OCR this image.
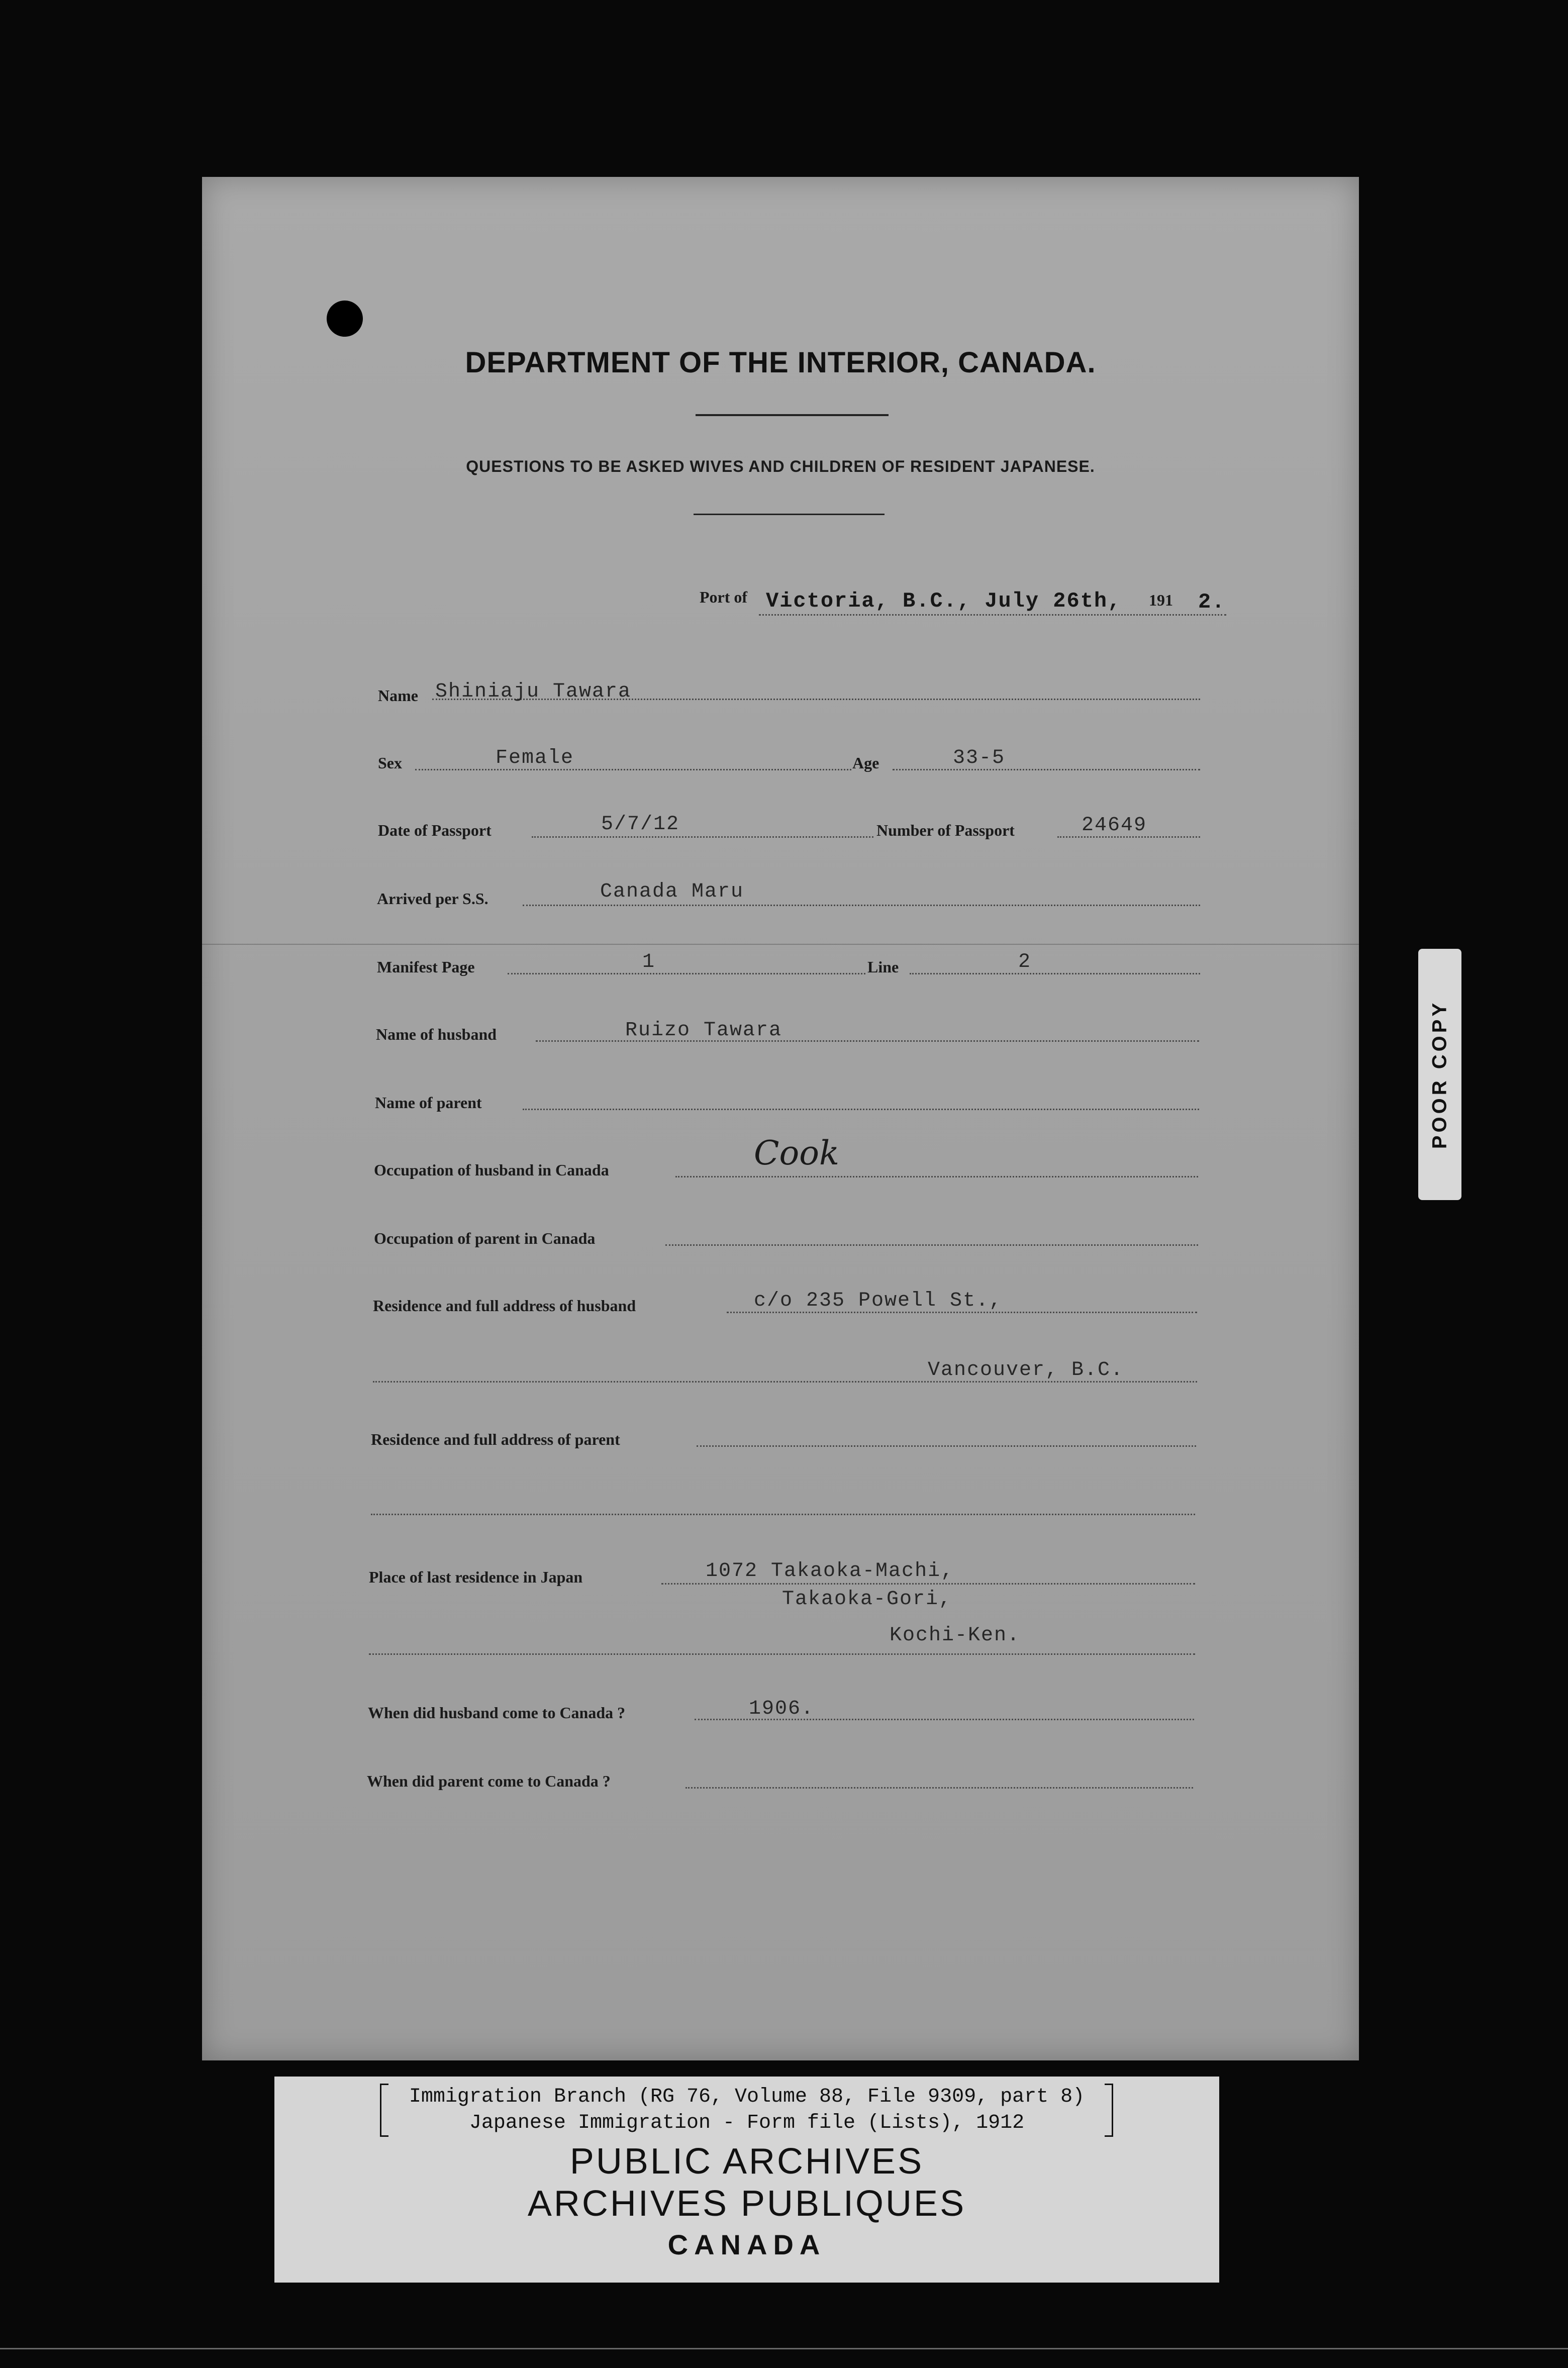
DEPARTMENT OF THE INTERIOR, CANADA.
QUESTIONS TO BE ASKED WIVES AND CHILDREN OF RESIDENT JAPANESE.
Port of Victoria, B.C., July 26th, 191 2.
Name Shiniaju Tawara
Sex	Female	Age	33-5
Date of Passport	5/7/12	Number of Passport	24649
Arrived per S.S.	Canada Maru
Manifest Page	1	Line	2
Name of husband	Ruizo Tawara
Name of parent
Occupation of husband in Canada	Cook
Occupation of parent in Canada
Residence and full address of husband	c/o 235 Powell St.,
Vancouver, B.C.
Residence and full address of parent
Place of last residence in Japan	1072 Takaoka-Machi,
Takaoka-Gori,
Kochi-Ken.
When did husband come to Canada ?	1906.
When did parent come to Canada ?
POOR COPY
Immigration Branch (RG 76, Volume 88, File 9309, part 8)
Japanese Immigration - Form file (Lists), 1912
PUBLIC ARCHIVES
ARCHIVES PUBLIQUES
CANADA
